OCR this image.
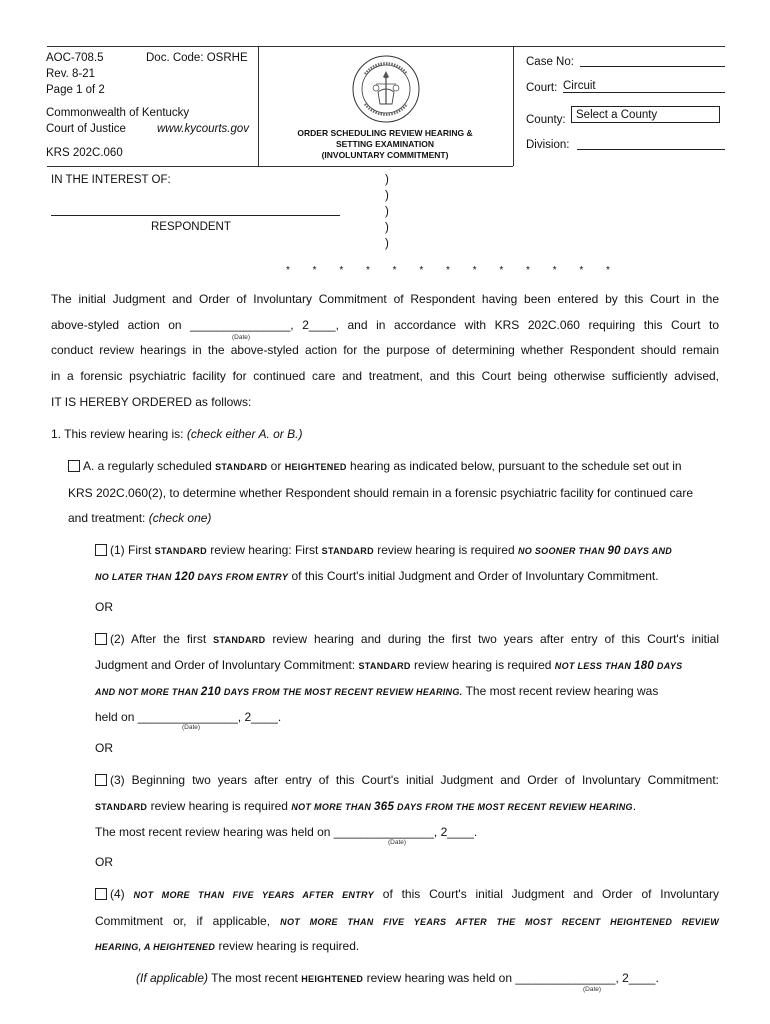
AOC-708.5
Rev. 8-21
Page 1 of 2
Doc. Code: OSRHE
Commonwealth of Kentucky
Court of Justice	www.kycourts.gov
KRS 202C.060
ORDER SCHEDULING REVIEW HEARING &
SETTING EXAMINATION
(INVOLUNTARY COMMITMENT)
Case No:
Court: Circuit
County: Select a County
Division:
IN THE INTEREST OF:
RESPONDENT
)
)
)
)
)
* * * * * * * * * * * * *
The initial Judgment and Order of Involuntary Commitment of Respondent having been entered by this Court in the
above-styled action on _______________, 2____, and in accordance with KRS 202C.060 requiring this Court to
(Date)
conduct review hearings in the above-styled action for the purpose of determining whether Respondent should remain
in a forensic psychiatric facility for continued care and treatment, and this Court being otherwise sufficiently advised,
IT IS HEREBY ORDERED as follows:
1. This review hearing is: (check either A. or B.)
A. a regularly scheduled STANDARD or HEIGHTENED hearing as indicated below, pursuant to the schedule set out in
KRS 202C.060(2), to determine whether Respondent should remain in a forensic psychiatric facility for continued care
and treatment: (check one)
(1) First STANDARD review hearing: First STANDARD review hearing is required NO SOONER THAN 90 DAYS AND
NO LATER THAN 120 DAYS FROM ENTRY of this Court's initial Judgment and Order of Involuntary Commitment.
OR
(2) After the first STANDARD review hearing and during the first two years after entry of this Court's initial
Judgment and Order of Involuntary Commitment: STANDARD review hearing is required NOT LESS THAN 180 DAYS
AND NOT MORE THAN 210 DAYS FROM THE MOST RECENT REVIEW HEARING. The most recent review hearing was
held on _______________, 2____.
(Date)
OR
(3) Beginning two years after entry of this Court's initial Judgment and Order of Involuntary Commitment:
STANDARD review hearing is required NOT MORE THAN 365 DAYS FROM THE MOST RECENT REVIEW HEARING.
The most recent review hearing was held on _______________, 2____.
(Date)
OR
(4) NOT MORE THAN FIVE YEARS AFTER ENTRY of this Court's initial Judgment and Order of Involuntary
Commitment or, if applicable, NOT MORE THAN FIVE YEARS AFTER THE MOST RECENT HEIGHTENED REVIEW
HEARING, A HEIGHTENED review hearing is required.
(If applicable) The most recent HEIGHTENED review hearing was held on _______________, 2____.
(Date)
